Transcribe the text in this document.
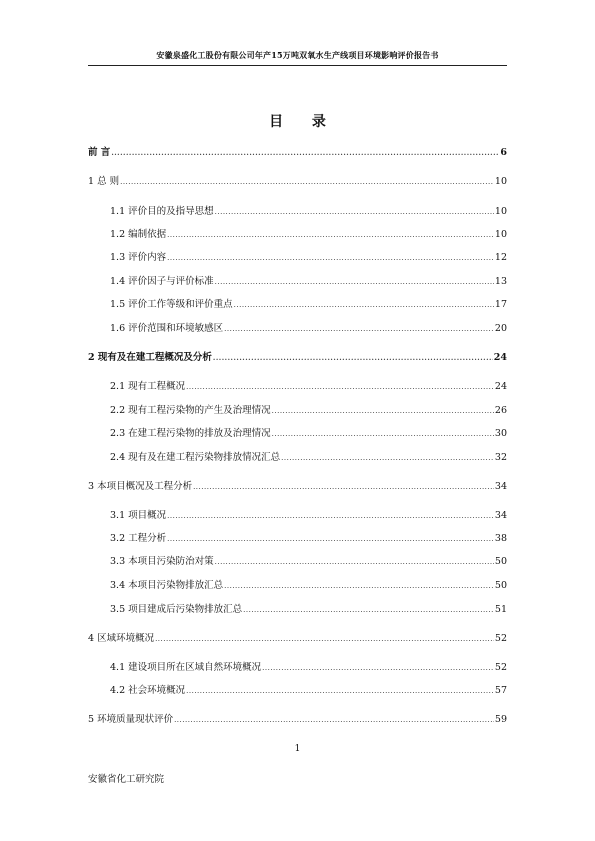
安徽泉盛化工股份有限公司年产15万吨双氧水生产线项目环境影响评价报告书
目 录
前 言 .....	6
1 总 则 .....	10
1.1 评价目的及指导思想 .....	10
1.2 编制依据 .....	10
1.3 评价内容 .....	12
1.4 评价因子与评价标准 .....	13
1.5 评价工作等级和评价重点 .....	17
1.6 评价范围和环境敏感区 .....	20
2 现有及在建工程概况及分析 .....	24
2.1 现有工程概况 .....	24
2.2 现有工程污染物的产生及治理情况 .....	26
2.3 在建工程污染物的排放及治理情况 .....	30
2.4 现有及在建工程污染物排放情况汇总 .....	32
3 本项目概况及工程分析 .....	34
3.1 项目概况 .....	34
3.2 工程分析 .....	38
3.3 本项目污染防治对策 .....	50
3.4 本项目污染物排放汇总 .....	50
3.5 项目建成后污染物排放汇总 .....	51
4 区域环境概况 .....	52
4.1 建设项目所在区域自然环境概况 .....	52
4.2 社会环境概况 .....	57
5 环境质量现状评价 .....	59
1
安徽省化工研究院
